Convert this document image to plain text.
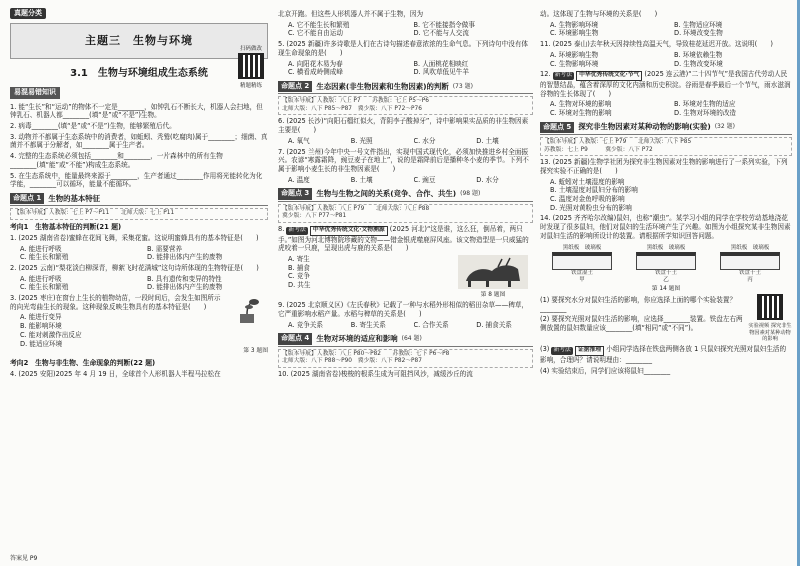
真题分类
主题三　生物与环境
3.1　生物与环境组成生态系统
扫码做改

精题精练
易混易错知识
1. 能“生长”和“运动”的物体不一定是________，如钟乳石不断长大，机器人会扫地，但钟乳石、机器人都________(填“是”或“不是”)生物。
2. 病毒________(填“是”或“不是”)生物，能够繁殖后代。
3. 动物并不都属于生态系统中的消费者，如蚯蚓、秃鹫(吃腐肉)属于________；细菌、真菌并不都属于分解者，如________属于生产者。
4. 完整的生态系统必须包括________和________，一片森林中的所有生物________(填“能”或“不能”)构成生态系统。
5. 在生态系统中，能量最终来源于________，生产者通过________作用将光能转化为化学能，________可以循环，能量不能循环。
命题点 1 生物的基本特征
【版本导航】人教版：七上 P7～P11　　北师大版：七上 P11
考向1　生物基本特征的判断(21 题)
1. (2025 湖南省卷)蜜蜂在花间飞舞，采集花蜜。这说明蜜蜂具有的基本特征是(　　)
A. 能进行呼吸	B. 需要营养
C. 能生长和繁殖	D. 能排出体内产生的废物
2. (2025 云南)“梨花淡白柳深青，柳絮飞时花满城”这句诗所体现的生物特征是(　　)
A. 能进行呼吸	B. 具有遗传和变异的特性
C. 能生长和繁殖	D. 能排出体内产生的废物
3. (2025 枣庄)在窗台上生长的植物幼苗，一段时间后，会发生如图所示的向光弯曲生长的现象。这种现象反映生物具有的基本特征是(　　)
A. 能进行变异
B. 能影响环境
C. 能对刺激作出反应
D. 能适应环境
第 3 题图
考向2　生物与非生物、生命现象的判断(22 题)
4. (2025 安阳)2025 年 4 月 19 日，全球首个人形机器人半程马拉松在
答案见 P9
北京开跑。但这些人形机器人并不属于生物，因为
A. 它不能生长和繁殖	B. 它不能接指令做事
C. 它不能自由运动	D. 它不能与人交流
5. (2025 新疆)许多诗歌是人们在古诗句描述春意浓浓的生命气息。下列诗句中没有体现生命现象的是(　　)
A. 向阳花木易为春	B. 人面桃花相映红
C. 横看成岭侧成峰	D. 风吹草低见牛羊
命题点 2 生态因素(非生物因素和生物因素)的判断 (73 题)
【版本导航】人教版：八上 P7　　苏教版：七上 P5～P6
北师大版：八下 P85～P87　冀少版：八下 P72～P76
6. (2025 长沙)“向阳石榴红似火，背阴李子酸掉牙”，诗中影响果实品质的非生物因素主要是(　　)
A. 氧气	B. 光照	C. 水分	D. 土壤
7. (2025 兰州)今年中央一号文件指出，实现中国式现代化，必须加快推进乡村全面振兴。农谚“寒露霜降，豌豆麦子在地上”，说的是霜降前后是播种冬小麦的季节。下列不属于影响小麦生长的非生物因素是(　　)
A. 温度	B. 土壤	C. 豌豆	D. 水分
命题点 3 生物与生物之间的关系(竞争、合作、共生) (98 题)
【版本导航】人教版：八上 P79　　北师大版：八上 P88
冀少版：八下 P77～P81
8. 新考法 中华优秀传统文化·文物溯源 (2025 河北)“这是谁，这么狂，倒吊着，两只手。”如图为河北博物院珍藏的文物——错金银虎噬鹿屏风座。该文物造型是一只威猛的虎咬着一只鹿，呈现出虎与鹿的关系是(　　)
A. 寄生
B. 捕食
C. 竞争
D. 共生
第 8 题图
9. (2025 北京顺义区)《左氏春秋》记载了一种与水稻外形相似的稻田杂草——稗草，它严重影响水稻产量。水稻与稗草的关系是(　　)
A. 竞争关系	B. 寄生关系	C. 合作关系	D. 捕食关系
命题点 4 生物对环境的适应和影响 (64 题)
【版本导航】人教版：八上 P80～P82　　苏教版：七下 P6～P8
北师大版：八下 P88～P90　冀少版：八下 P82～P87
10. (2025 湖南省卷)梭梭的根系生成为可阻挡风沙，减缓沙丘的流
动。这体现了生物与环境的关系是(　　)
A. 生物影响环境	B. 生物适应环境
C. 环境影响生物	D. 环境改变生物
11. (2025 泰山)去年秋天因持续性高温天气，导致桂花延迟开放。这说明(　　)
A. 环境影响生物	B. 环境依赖生物
C. 生物影响环境	D. 生物改变环境
12. 新考法 中华优秀传统文化·节气 (2025 连云港)“二十四节气”是我国古代劳动人民的智慧结晶，蕴含着深厚的文化内涵和历史积淀。谷雨是春季最后一个节气，雨水滋润谷物的生长体现了(　　)
A. 生物对环境的影响	B. 环境对生物的适应
C. 环境对生物的影响	D. 生物对环境的改造
命题点 5 探究非生物因素对某种动物的影响(实验) (32 题)
【版本导航】人教版：七上 P79　　北师大版：八下 P85
苏教版：七上 P9　　　冀少版：八下 P72
13. (2025 新疆)生物学社团为探究非生物因素对生物的影响进行了一系列实验，下列探究实验不正确的是(　　)
A. 蚯蚓对土壤湿度的影响
B. 土壤湿度对鼠妇分布的影响
C. 温度对金鱼呼吸的影响
D. 光照对黄粉虫分布的影响
14. (2025 齐齐哈尔改编)鼠妇，也称“潮虫”。某学习小组的同学在学校劳动基地浇花时发现了很多鼠妇，他们对鼠妇的生活环境产生了兴趣。如图为小组探究某非生物因素对鼠妇生活的影响所设计的装置。请根据所学知识回答问题。
黑纸板　玻璃板
铁盘湿土
甲
黑纸板　玻璃板
铁盘干土
乙
黑纸板　玻璃板
铁盘干土
丙
第 14 题图
(1) 要探究水分对鼠妇生活的影响，你应选择上面的哪个实验装置？________
(2) 要探究光照对鼠妇生活的影响，应选择________装置。铁盘左右两侧放置的鼠妇数量应该________(填“相同”或“不同”)。	实验视频 探究非生物因素对某种动物的影响
(3) 新考法 证据推理 小组同学选择在铁盘两侧各放 1 只鼠妇探究光照对鼠妇生活的影响，合理吗？请说明理由：________
(4) 实验结束后，同学们应该将鼠妇________
